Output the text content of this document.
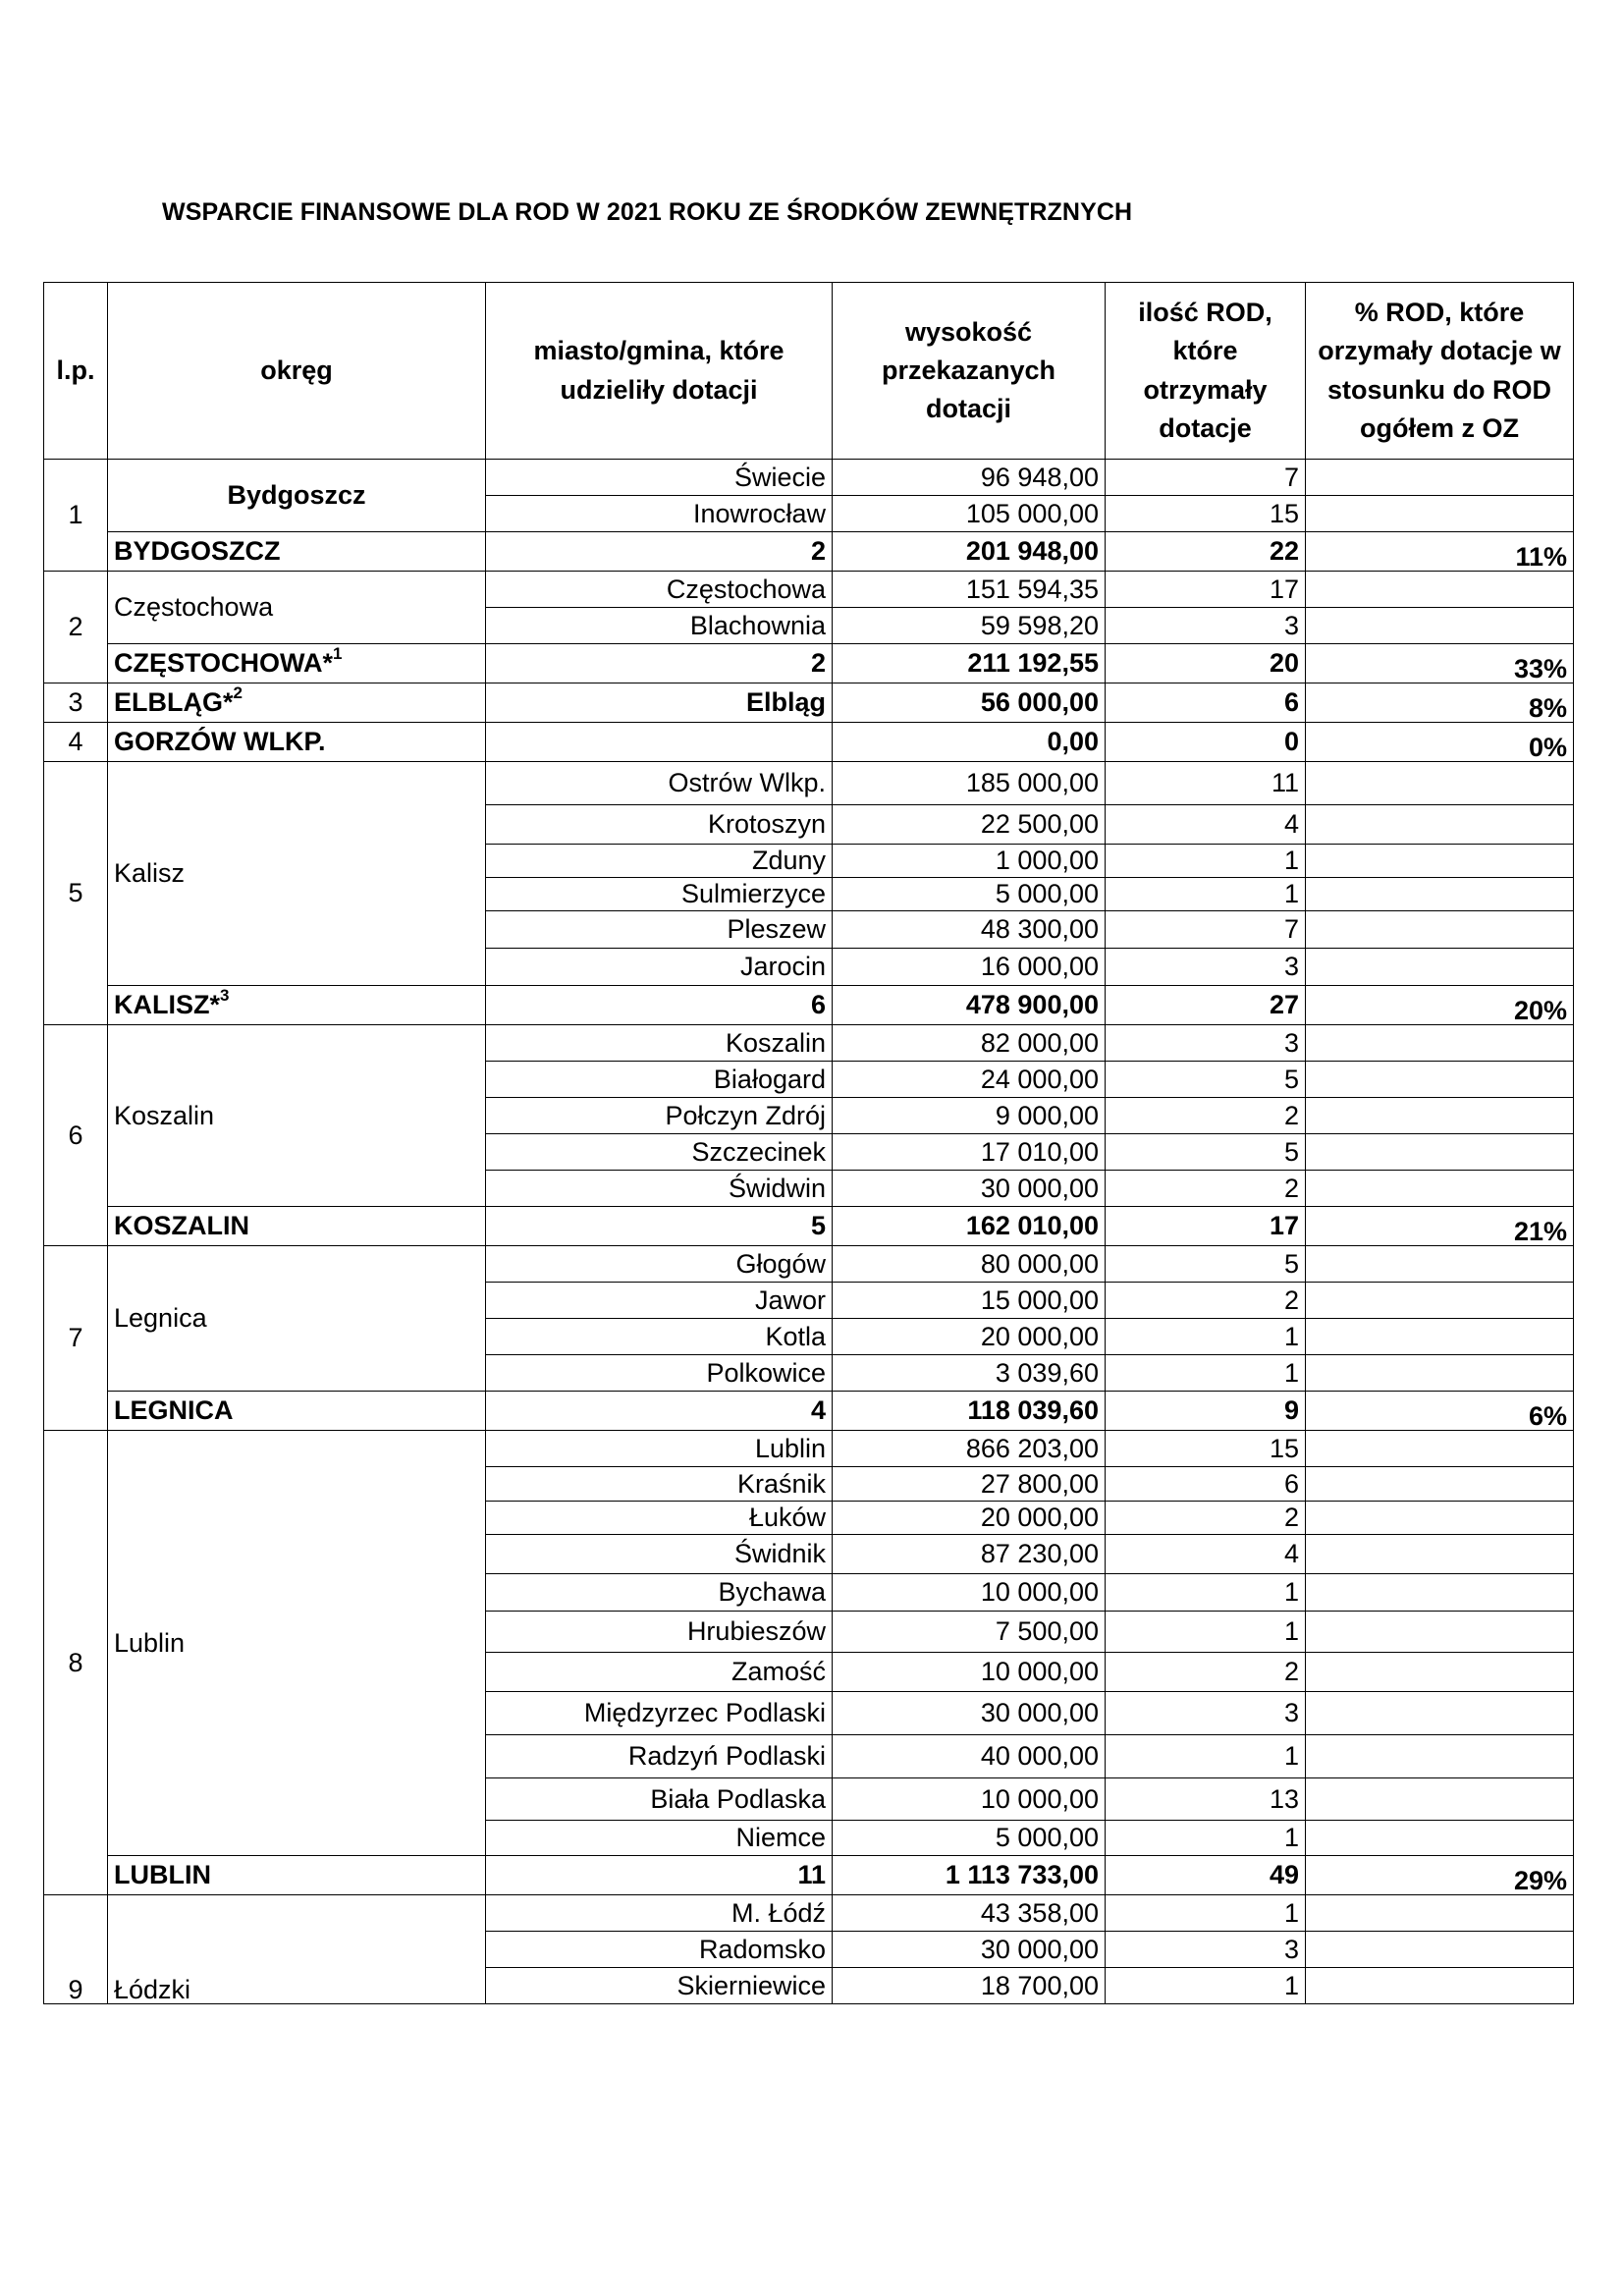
WSPARCIE FINANSOWE DLA ROD W 2021 ROKU ZE ŚRODKÓW ZEWNĘTRZNYCH
l.p.	okręg	miasto/gmina, które udzieliły dotacji	wysokość przekazanych dotacji	ilość ROD, które otrzymały dotacje	% ROD, które orzymały dotacje w stosunku do ROD ogółem z OZ
1	Bydgoszcz	Świecie	96 948,00	7	
		Inowrocław	105 000,00	15	
	BYDGOSZCZ	2	201 948,00	22	11%
2	Częstochowa	Częstochowa	151 594,35	17	
		Blachownia	59 598,20	3	
	CZĘSTOCHOWA*$^1$	2	211 192,55	20	33%
3	ELBLĄG*$^2$	Elbląg	56 000,00	6	8%
4	GORZÓW WLKP.		0,00	0	0%
5	Kalisz	Ostrów Wlkp.	185 000,00	11	
		Krotoszyn	22 500,00	4	
		Zduny	1 000,00	1	
		Sulmierzyce	5 000,00	1	
		Pleszew	48 300,00	7	
		Jarocin	16 000,00	3	
	KALISZ*$^3$	6	478 900,00	27	20%
6	Koszalin	Koszalin	82 000,00	3	
		Białogard	24 000,00	5	
		Połczyn Zdrój	9 000,00	2	
		Szczecinek	17 010,00	5	
		Świdwin	30 000,00	2	
	KOSZALIN	5	162 010,00	17	21%
7	Legnica	Głogów	80 000,00	5	
		Jawor	15 000,00	2	
		Kotla	20 000,00	1	
		Polkowice	3 039,60	1	
	LEGNICA	4	118 039,60	9	6%
8	Lublin	Lublin	866 203,00	15	
		Kraśnik	27 800,00	6	
		Łuków	20 000,00	2	
		Świdnik	87 230,00	4	
		Bychawa	10 000,00	1	
		Hrubieszów	7 500,00	1	
		Zamość	10 000,00	2	
		Międzyrzec Podlaski	30 000,00	3	
		Radzyń Podlaski	40 000,00	1	
		Biała Podlaska	10 000,00	13	
		Niemce	5 000,00	1	
	LUBLIN	11	1 113 733,00	49	29%
9	Łódzki	M. Łódź	43 358,00	1	
		Radomsko	30 000,00	3	
		Skierniewice	18 700,00	1	
